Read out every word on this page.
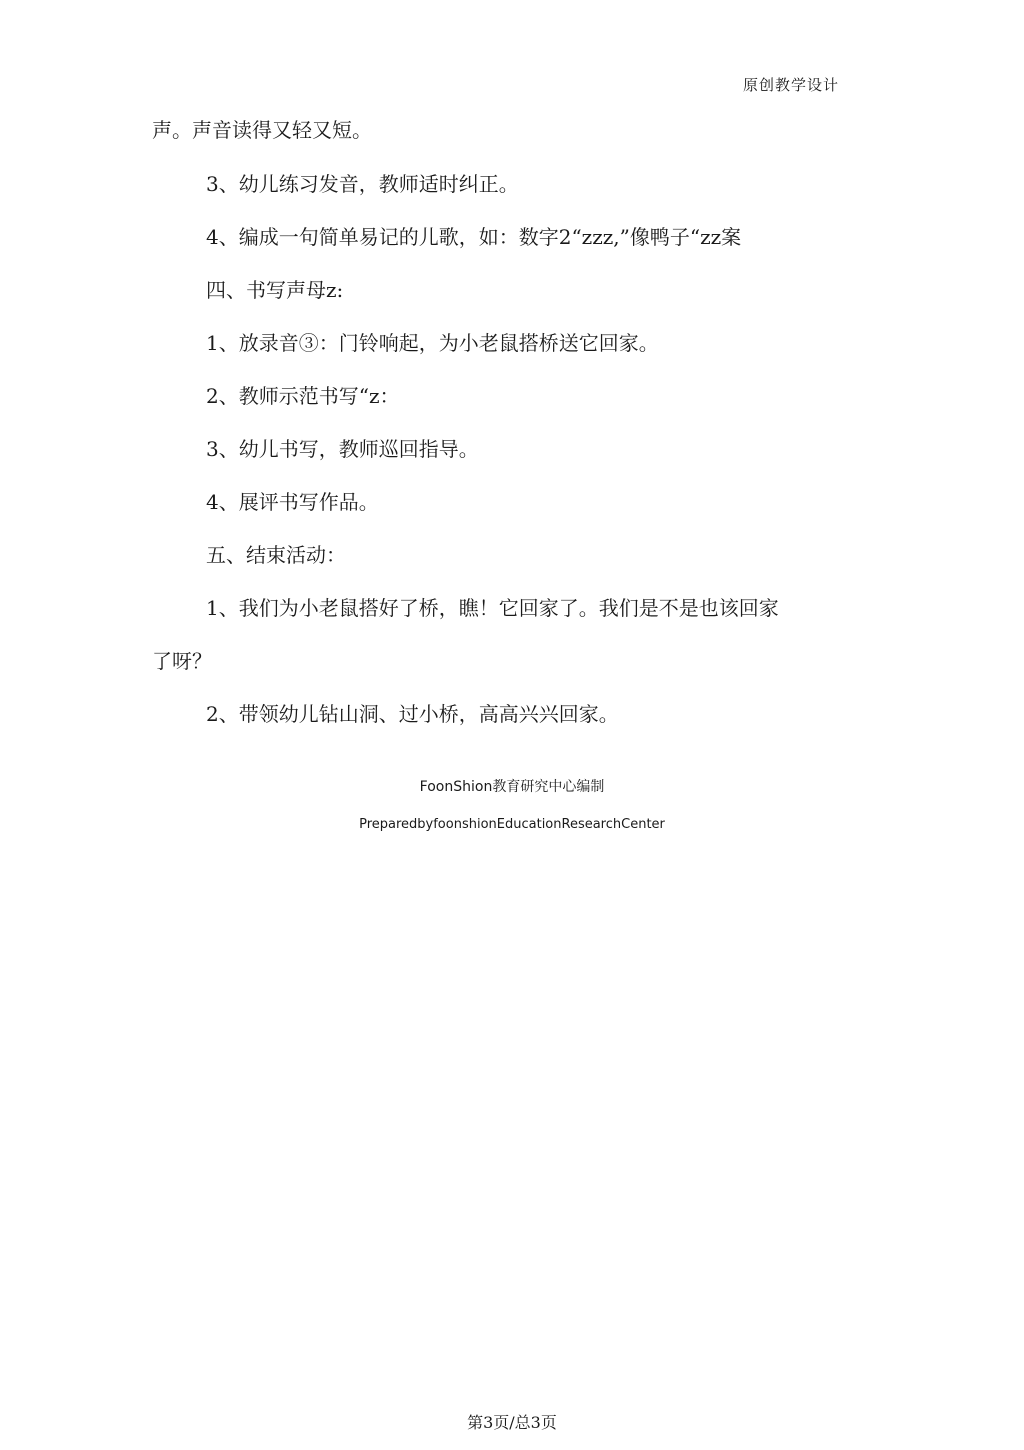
原创教学设计
声。声音读得又轻又短。
3、幼儿练习发音，教师适时纠正。
4、编成一句简单易记的儿歌，如：数字2“zzz,”像鸭子“zz案
四、书写声母z:
1、放录音③：门铃响起，为小老鼠搭桥送它回家。
2、教师示范书写“z：
3、幼儿书写，教师巡回指导。
4、展评书写作品。
五、结束活动：
1、我们为小老鼠搭好了桥，瞧！它回家了。我们是不是也该回家
了呀？
2、带领幼儿钻山洞、过小桥，高高兴兴回家。
FoonShion教育研究中心编制
PreparedbyfoonshionEducationResearchCenter
第3页/总3页
